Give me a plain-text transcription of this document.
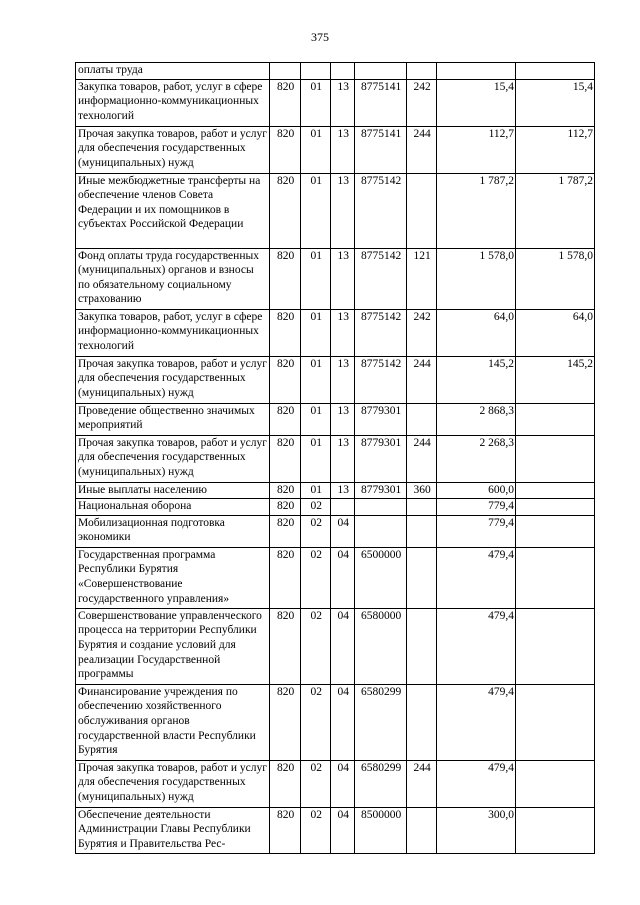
375
оплаты труда							
Закупка товаров, работ, услуг в сфере информационно-коммуникационных технологий	820	01	13	8775141	242	15,4	15,4
Прочая закупка товаров, работ и услуг для обеспечения государственных (муниципальных) нужд	820	01	13	8775141	244	112,7	112,7
Иные межбюджетные трансферты на обеспечение членов Совета Федерации и их помощников в субъектах Российской Федерации	820	01	13	8775142		1 787,2	1 787,2
Фонд оплаты труда государственных (муниципальных) органов и взносы по обязательному социальному страхованию	820	01	13	8775142	121	1 578,0	1 578,0
Закупка товаров, работ, услуг в сфере информационно-коммуникационных технологий	820	01	13	8775142	242	64,0	64,0
Прочая закупка товаров, работ и услуг для обеспечения государственных (муниципальных) нужд	820	01	13	8775142	244	145,2	145,2
Проведение общественно значимых мероприятий	820	01	13	8779301		2 868,3	
Прочая закупка товаров, работ и услуг для обеспечения государственных (муниципальных) нужд	820	01	13	8779301	244	2 268,3	
Иные выплаты населению	820	01	13	8779301	360	600,0	
Национальная оборона	820	02				779,4	
Мобилизационная подготовка экономики	820	02	04			779,4	
Государственная программа Республики Бурятия «Совершенствование государственного управления»	820	02	04	6500000		479,4	
Совершенствование управленческого процесса на территории Республики Бурятия и создание условий для реализации Государственной программы	820	02	04	6580000		479,4	
Финансирование учреждения по обеспечению хозяйственного обслуживания органов государственной власти Республики Бурятия	820	02	04	6580299		479,4	
Прочая закупка товаров, работ и услуг для обеспечения государственных (муниципальных) нужд	820	02	04	6580299	244	479,4	
Обеспечение деятельности Администрации Главы Республики Бурятия и Правительства Рес-	820	02	04	8500000		300,0	
